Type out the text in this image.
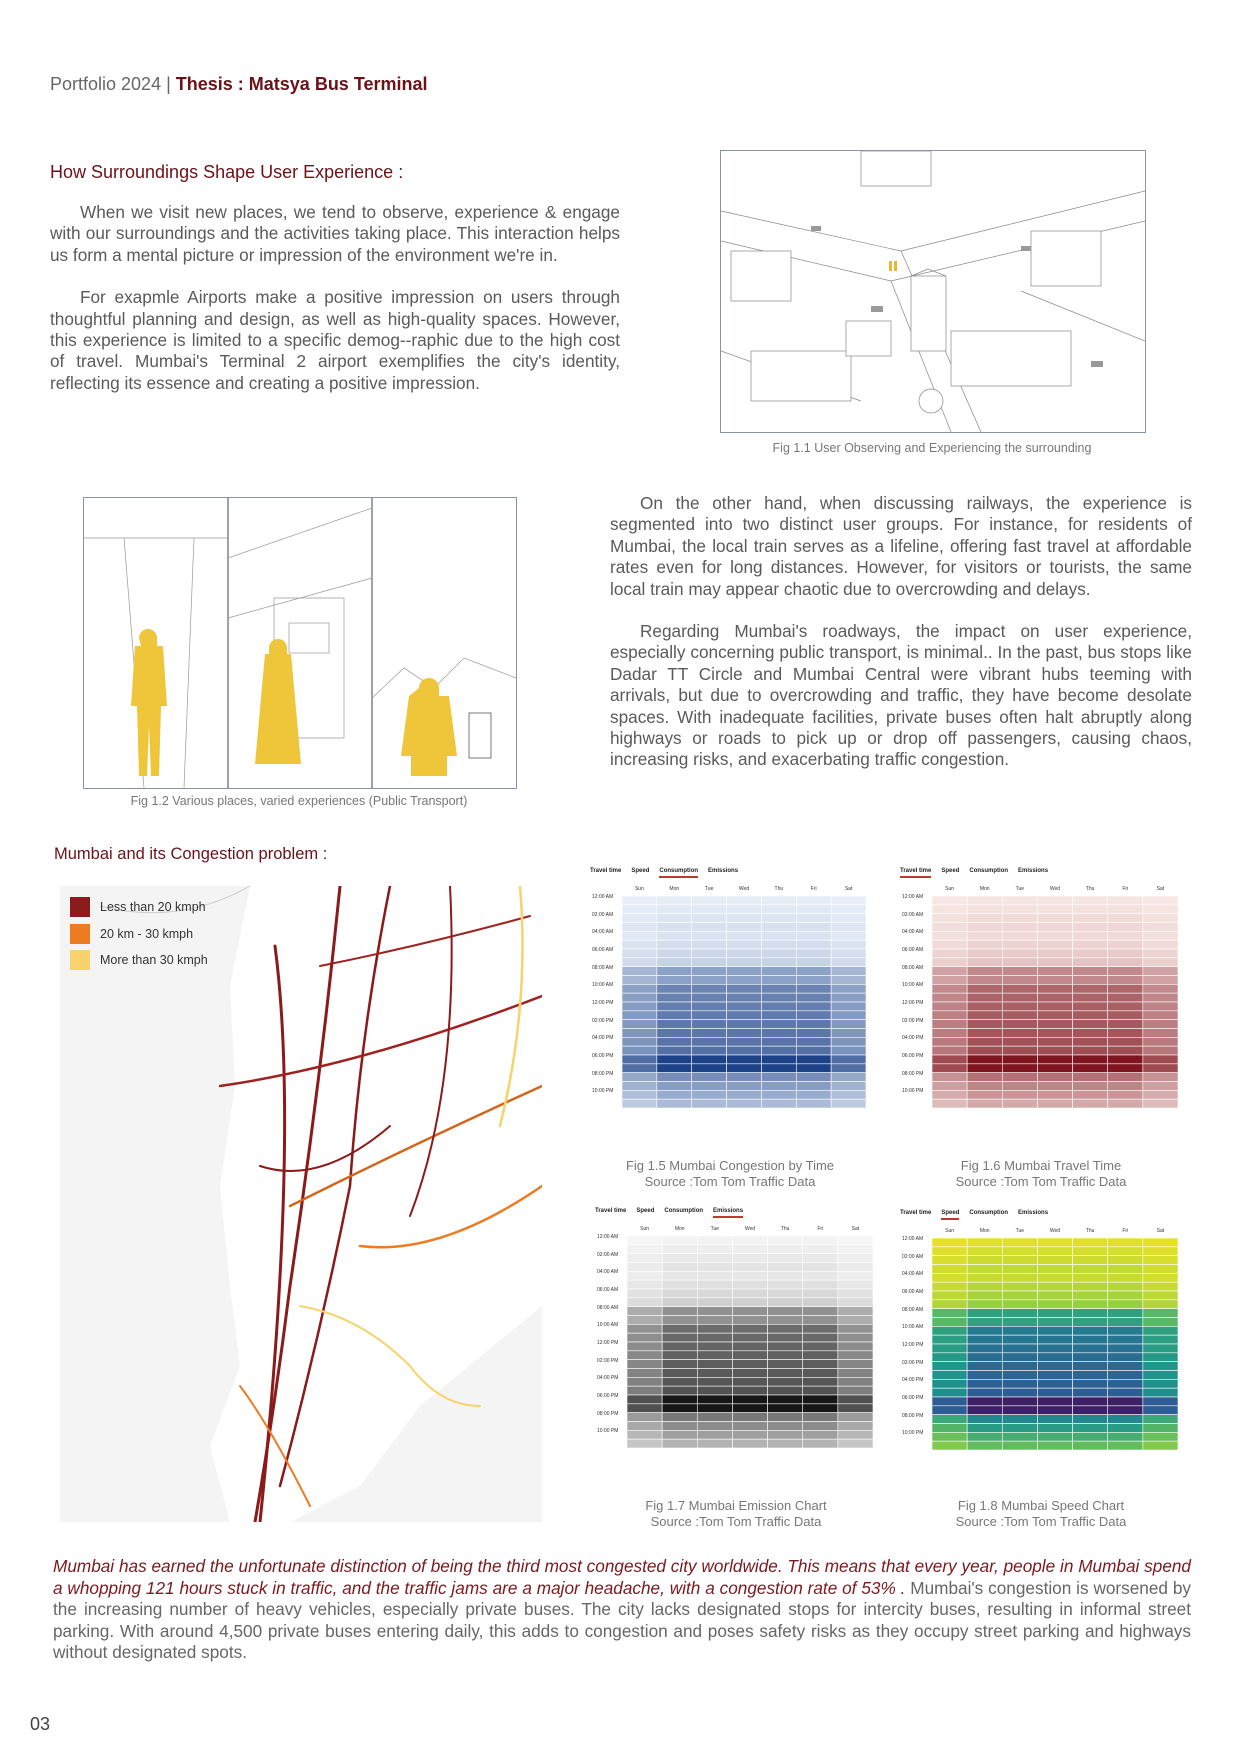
Portfolio 2024 | Thesis : Matsya Bus Terminal
How Surroundings Shape User Experience :

When we visit new places, we tend to observe, experience & engage with our surroundings and the activities taking place. This interaction helps us form a mental picture or impression of the environment we're in.

For exapmle Airports make a positive impression on users through thoughtful planning and design, as well as high-quality spaces. However, this experience is limited to a specific demog--raphic due to the high cost of travel. Mumbai's Terminal 2 airport exemplifies the city's identity, reflecting its essence and creating a positive impression.

Fig 1.1 User Observing and Experiencing the surrounding
Fig 1.2 Various places, varied experiences (Public Transport)

On the other hand, when discussing railways, the experience is segmented into two distinct user groups. For instance, for residents of Mumbai, the local train serves as a lifeline, offering fast travel at affordable rates even for long distances. However, for visitors or tourists, the same local train may appear chaotic due to overcrowding and delays.

Regarding Mumbai's roadways, the impact on user experience, especially concerning public transport, is minimal.. In the past, bus stops like Dadar TT Circle and Mumbai Central were vibrant hubs teeming with arrivals, but due to overcrowding and traffic, they have become desolate spaces. With inadequate facilities, private buses often halt abruptly along highways or roads to pick up or drop off passengers, causing chaos, increasing risks, and exacerbating traffic congestion.

Mumbai and its Congestion problem :
Less than 20 kmph
20 km - 30 kmph
More than 30 kmph
Travel time Speed Consumption Emissions
Sun	Mon	Tue	Wed	Thu	Fri	Sat
12:00 AM
02:00 AM
04:00 AM
06:00 AM
08:00 AM
10:00 AM
12:00 PM
02:00 PM
04:00 PM
06:00 PM
08:00 PM
10:00 PM
Fig 1.5 Mumbai Congestion by Time
Source :Tom Tom Traffic Data
Travel time Speed Consumption Emissions
Sun	Mon	Tue	Wed	Thu	Fri	Sat
12:00 AM
02:00 AM
04:00 AM
06:00 AM
08:00 AM
10:00 AM
12:00 PM
02:00 PM
04:00 PM
06:00 PM
08:00 PM
10:00 PM
Fig 1.6 Mumbai Travel Time
Source :Tom Tom Traffic Data
Travel time Speed Consumption Emissions
Sun	Mon	Tue	Wed	Thu	Fri	Sat
12:00 AM
02:00 AM
04:00 AM
06:00 AM
08:00 AM
10:00 AM
12:00 PM
02:00 PM
04:00 PM
06:00 PM
08:00 PM
10:00 PM
Fig 1.7 Mumbai Emission Chart
Source :Tom Tom Traffic Data
Travel time Speed Consumption Emissions
Sun	Mon	Tue	Wed	Thu	Fri	Sat
12:00 AM
02:00 AM
04:00 AM
06:00 AM
08:00 AM
10:00 AM
12:00 PM
02:00 PM
04:00 PM
06:00 PM
08:00 PM
10:00 PM
Fig 1.8 Mumbai Speed Chart
Source :Tom Tom Traffic Data
Mumbai has earned the unfortunate distinction of being the third most congested city worldwide. This means that every year, people in Mumbai spend a whopping 121 hours stuck in traffic, and the traffic jams are a major headache, with a congestion rate of 53% . Mumbai's congestion is worsened by the increasing number of heavy vehicles, especially private buses. The city lacks designated stops for intercity buses, resulting in informal street parking. With around 4,500 private buses entering daily, this adds to congestion and poses safety risks as they occupy street parking and highways without designated spots.
03
